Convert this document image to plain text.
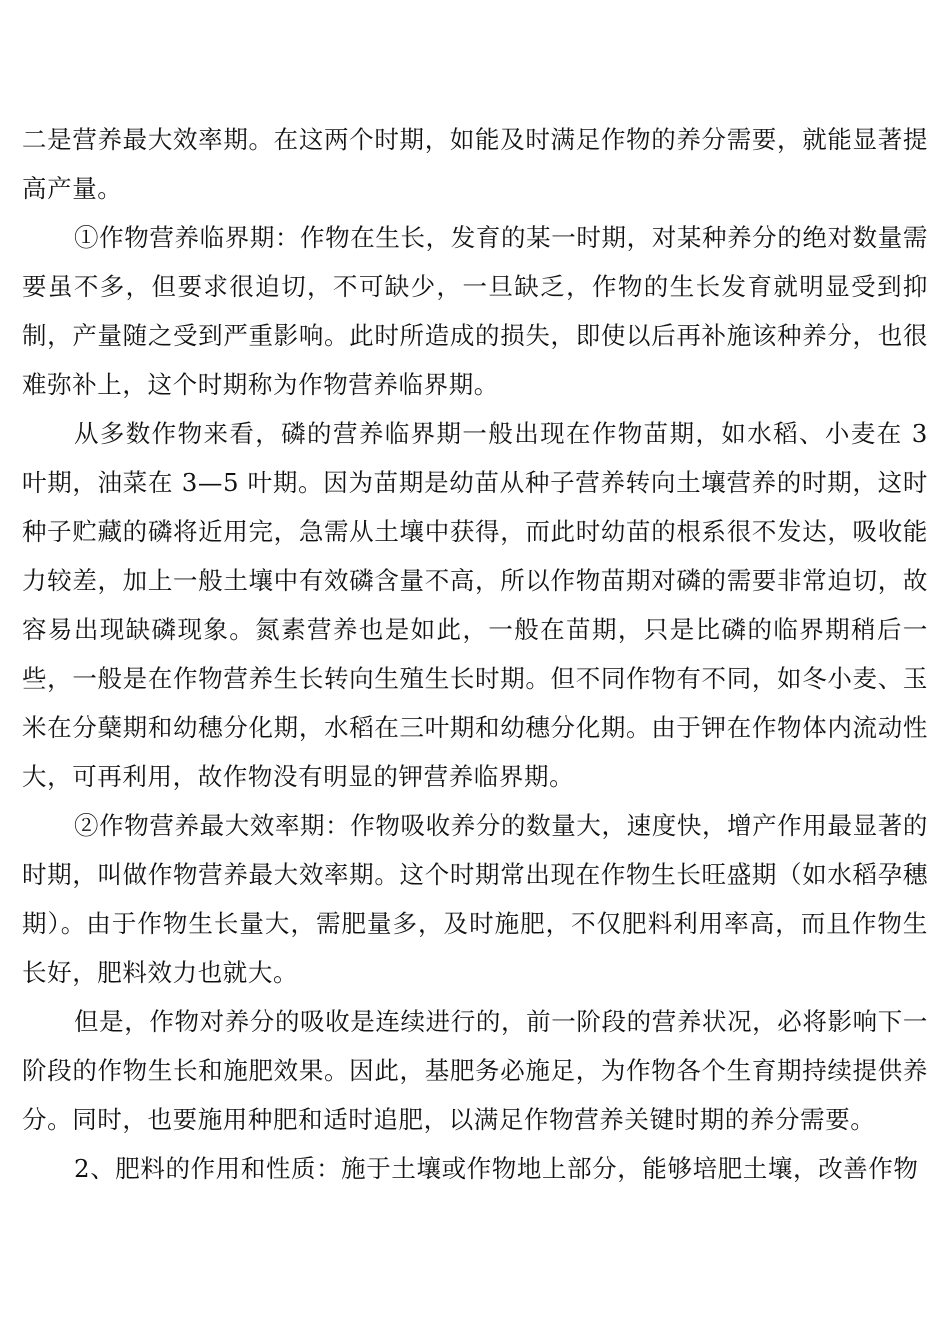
二是营养最大效率期。在这两个时期，如能及时满足作物的养分需要，就能显著提高产量。

①作物营养临界期：作物在生长，发育的某一时期，对某种养分的绝对数量需要虽不多，但要求很迫切，不可缺少，一旦缺乏，作物的生长发育就明显受到抑制，产量随之受到严重影响。此时所造成的损失，即使以后再补施该种养分，也很难弥补上，这个时期称为作物营养临界期。

从多数作物来看，磷的营养临界期一般出现在作物苗期，如水稻、小麦在 3 叶期，油菜在 3—5 叶期。因为苗期是幼苗从种子营养转向土壤营养的时期，这时种子贮藏的磷将近用完，急需从土壤中获得，而此时幼苗的根系很不发达，吸收能力较差，加上一般土壤中有效磷含量不高，所以作物苗期对磷的需要非常迫切，故容易出现缺磷现象。氮素营养也是如此，一般在苗期，只是比磷的临界期稍后一些，一般是在作物营养生长转向生殖生长时期。但不同作物有不同，如冬小麦、玉米在分蘖期和幼穗分化期，水稻在三叶期和幼穗分化期。由于钾在作物体内流动性大，可再利用，故作物没有明显的钾营养临界期。

②作物营养最大效率期：作物吸收养分的数量大，速度快，增产作用最显著的时期，叫做作物营养最大效率期。这个时期常出现在作物生长旺盛期（如水稻孕穗期）。由于作物生长量大，需肥量多，及时施肥，不仅肥料利用率高，而且作物生长好，肥料效力也就大。

但是，作物对养分的吸收是连续进行的，前一阶段的营养状况，必将影响下一阶段的作物生长和施肥效果。因此，基肥务必施足，为作物各个生育期持续提供养分。同时，也要施用种肥和适时追肥，以满足作物营养关键时期的养分需要。

2、肥料的作用和性质：施于土壤或作物地上部分，能够培肥土壤，改善作物
